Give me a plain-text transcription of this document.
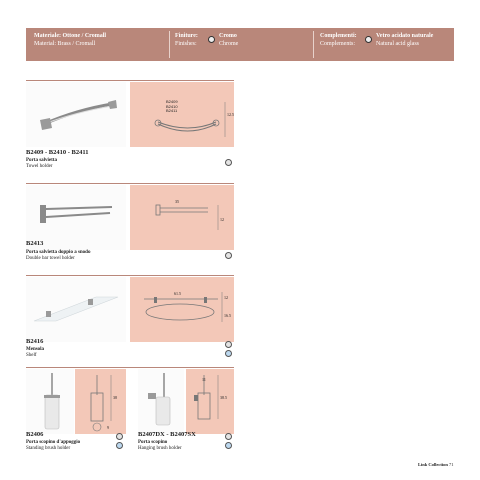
Materiale: Ottone / Cromall
Material: Brass / Cromall
Finiture:
Finishes:
Cromo
Chrome
Complementi:
Complements:
Vetro acidato naturale
Natural acid glass
B2409
B2410
B2411
12.5
B2409 - B2410 - B2411
Porta salvietta
Towel holder
35
12
B2413
Porta salvietta doppio a snodo
Double bar towel holder
61.5
12
16.5
B2416
Mensola
Shelf
38
9
11
38.5
B2406
Porta scopino d'appoggio
Standing brush holder
B2407DX - B2407SX
Porta scopino
Hanging brush holder
Link Collection 71
